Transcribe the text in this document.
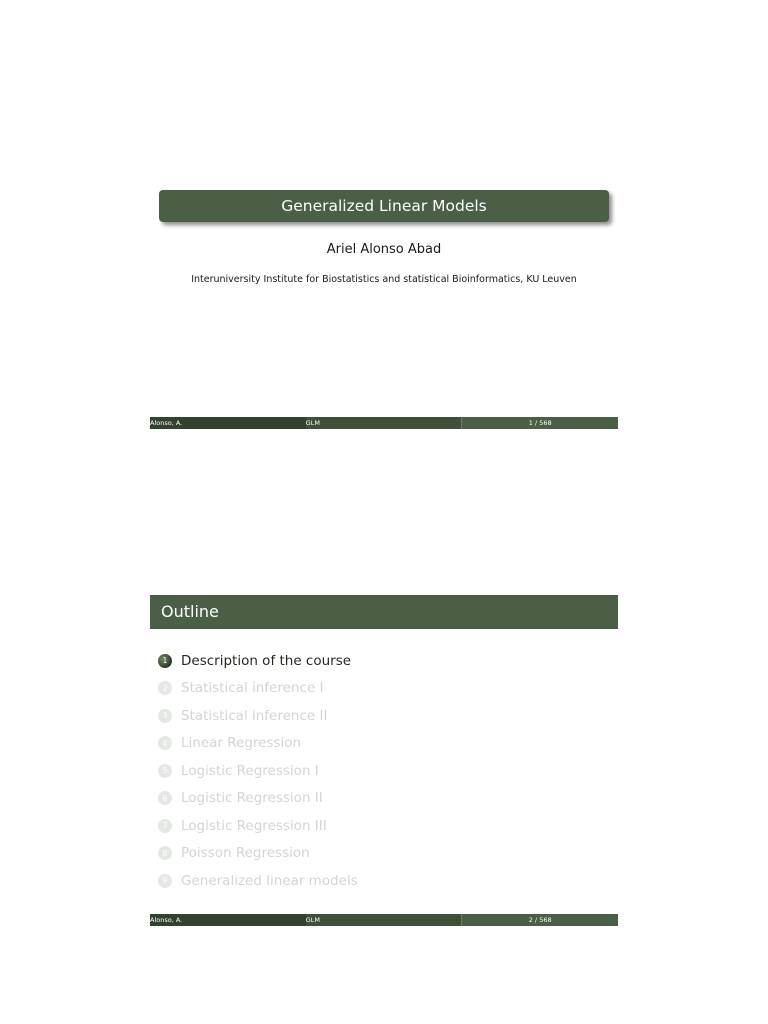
Generalized Linear Models
Ariel Alonso Abad
Interuniversity Institute for Biostatistics and statistical Bioinformatics, KU Leuven
Alonso, A.	GLM	1 / 568
Outline
1	Description of the course
2	Statistical inference I
3	Statistical inference II
4	Linear Regression
5	Logistic Regression I
6	Logistic Regression II
7	Logistic Regression III
8	Poisson Regression
9	Generalized linear models
Alonso, A.	GLM	2 / 568
